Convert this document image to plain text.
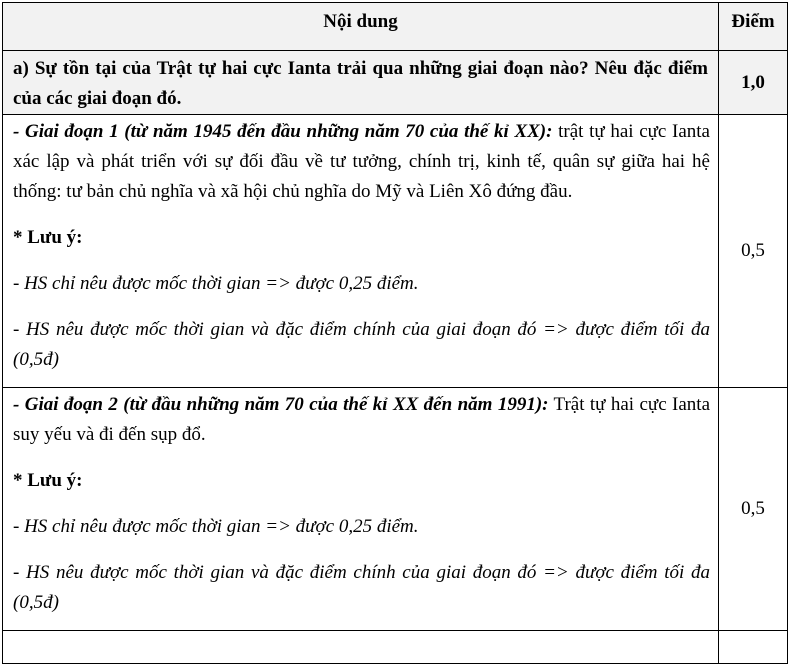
Nội dung	Điểm
a) Sự tồn tại của Trật tự hai cực Ianta trải qua những giai đoạn nào? Nêu đặc điểm của các giai đoạn đó.	1,0

- Giai đoạn 1 (từ năm 1945 đến đầu những năm 70 của thế kỉ XX): trật tự hai cực Ianta xác lập và phát triển với sự đối đầu về tư tưởng, chính trị, kinh tế, quân sự giữa hai hệ thống: tư bản chủ nghĩa và xã hội chủ nghĩa do Mỹ và Liên Xô đứng đầu.

* Lưu ý:

- HS chỉ nêu được mốc thời gian => được 0,25 điểm.

- HS nêu được mốc thời gian và đặc điểm chính của giai đoạn đó => được điểm tối đa (0,5đ)	0,5

- Giai đoạn 2 (từ đầu những năm 70 của thế kỉ XX đến năm 1991): Trật tự hai cực Ianta suy yếu và đi đến sụp đổ.

* Lưu ý:

- HS chỉ nêu được mốc thời gian => được 0,25 điểm.

- HS nêu được mốc thời gian và đặc điểm chính của giai đoạn đó => được điểm tối đa (0,5đ)	0,5
